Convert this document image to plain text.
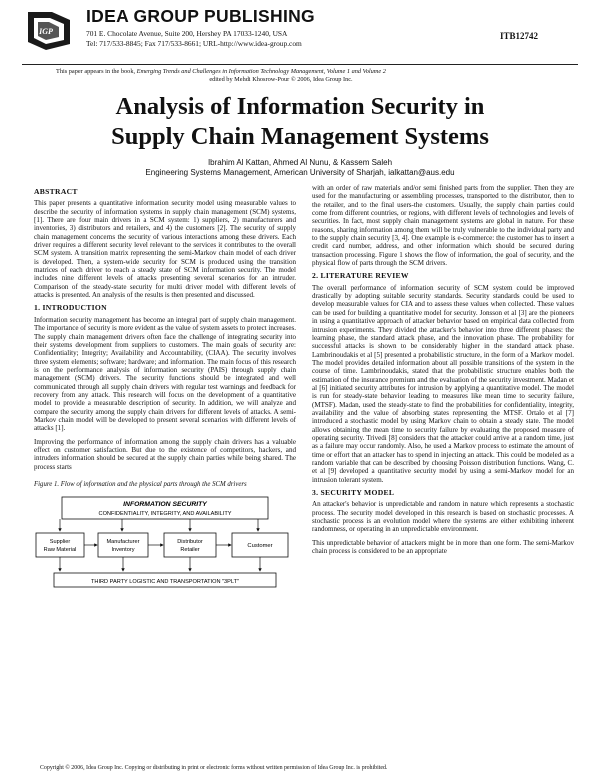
IGP
IDEA GROUP PUBLISHING
701 E. Chocolate Avenue, Suite 200, Hershey PA 17033-1240, USA
Tel: 717/533-8845; Fax 717/533-8661; URL-http://www.idea-group.com
ITB12742
This paper appears in the book, Emerging Trends and Challenges in Information Technology Management, Volume 1 and Volume 2
edited by Mehdi Khosrow-Pour © 2006, Idea Group Inc.
Analysis of Information Security in
Supply Chain Management Systems
Ibrahim Al Kattan, Ahmed Al Nunu, & Kassem Saleh
Engineering Systems Management, American University of Sharjah, ialkattan@aus.edu
ABSTRACT

This paper presents a quantitative information security model using measurable values to describe the security of information systems in supply chain management (SCM) systems, [1]. There are four main drivers in a SCM system: 1) suppliers, 2) manufacturers and inventories, 3) distributors and retailers, and 4) the customers [2]. The security of supply chain management concerns the security of various interactions among these drivers. Each driver requires a different security level relevant to the services it contributes to the overall SCM system. A transition matrix representing the semi-Markov chain model of each driver is developed. Then, a system-wide security for SCM is produced using the transition matrices of each driver to reach a steady state of SCM information security. The model includes nine different levels of attacks presenting several scenarios for an intruder. Comparison of the steady-state security for multi driver model with different levels of attacks is presented. An analysis of the results is then presented and discussed.

1. INTRODUCTION

Information security management has become an integral part of supply chain management. The importance of security is more evident as the value of system assets to protect increases. The supply chain management drivers often face the challenge of integrating security into their systems development from suppliers to customers. The main goals of security are: Confidentiality; Integrity; Availability and Accountability, (CIAA). The security involves three system elements; software; hardware; and information. The main focus of this research is on the performance analysis of information security (PAIS) through supply chain management (SCM) drivers. The security functions should be integrated and well communicated through all supply chain drivers with regular test warnings and feedback for recovery from any attack. This research will focus on the development of a quantitative model to provide a measurable description of security. In addition, we will analyze and compare the security among the supply chain drivers for different levels of attacks. A semi-Markov chain model will be developed to present several scenarios with different levels of attacks [1].

Improving the performance of information among the supply chain drivers has a valuable effect on customer satisfaction. But due to the existence of competitors, hackers, and intruders information should be secured at the supply chain parties while being shared. The process starts

Figure 1. Flow of information and the physical parts through the SCM drivers
INFORMATION SECURITY
CONFIDENTIALITY, INTEGRITY, AND AVAILABILITY
Supplier
Raw Material
Manufacturer
Inventory
Distributor
Retailer
Customer
THIRD PARTY LOGISTIC AND TRANSPORTATION "3PLT"

with an order of raw materials and/or semi finished parts from the supplier. Then they are used for the manufacturing or assembling processes, transported to the distributor, then to the retailer, and to the final users-the customers. Usually, the supply chain parties could come from different countries, or regions, with different levels of technologies and levels of securities. In fact, most supply chain management systems are global in nature. For these reasons, sharing information among them will be truly vulnerable to the individual party and to the supply chain security [3, 4]. One example is e-commerce: the customer has to insert a credit card number, address, and other information which should be secured during transaction processing. Figure 1 shows the flow of information, the goal of security, and the physical flow of parts through the SCM drivers.

2. LITERATURE REVIEW

The overall performance of information security of SCM system could be improved drastically by adopting suitable security standards. Security standards could be used to develop measurable values for CIA and to assess these values when collected. These values can be used for building a quantitative model for security. Jonsson et al [3] are the pioneers in using a quantitative approach of attacker behavior based on empirical data collected from intrusion experiments. They divided the attacker's behavior into three different phases: the learning phase, the standard attack phase, and the innovation phase. The probability for successful attacks is shown to be considerably higher in the standard attack phase. Lambrinoudakis et al [5] presented a probabilistic structure, in the form of a Markov model. The model provides detailed information about all possible transitions of the system in the course of time. Lambrinoudakis, stated that the probabilistic structure enables both the estimation of the insurance premium and the evaluation of the security investment. Madan et al [6] initiated security attributes for intrusion by applying a quantitative model. The model is run for steady-state behavior leading to measures like mean time to security failure, (MTSF). Madan, used the steady-state to find the probabilities for confidentiality, integrity, availability and the value of absorbing states representing the MTSF. Ortalo et al [7] introduced a stochastic model by using Markov chain to obtain a steady state. The model allows obtaining the mean time to security failure by evaluating the proposed measure of operating security. Trivedi [8] considers that the attacker could arrive at a random time, just as a failure may occur randomly. Also, he used a Markov process to estimate the amount of time or effort that an attacker has to spend in injecting an attack. This could be modeled as a random variable that can be described by choosing Poisson distribution functions. Wang, C. et al [9] developed a quantitative security model by using a semi-Markov model for an intrusion tolerant system.

3. SECURITY MODEL

An attacker's behavior is unpredictable and random in nature which represents a stochastic process. The security model developed in this research is based on stochastic processes. A stochastic process is an evolution model where the systems are either exhibiting inherent randomness, or operating in an unpredictable environment.

This unpredictable behavior of attackers might be in more than one form. The semi-Markov chain process is considered to be an appropriate

Copyright © 2006, Idea Group Inc. Copying or distributing in print or electronic forms without written permission of Idea Group Inc. is prohibited.
